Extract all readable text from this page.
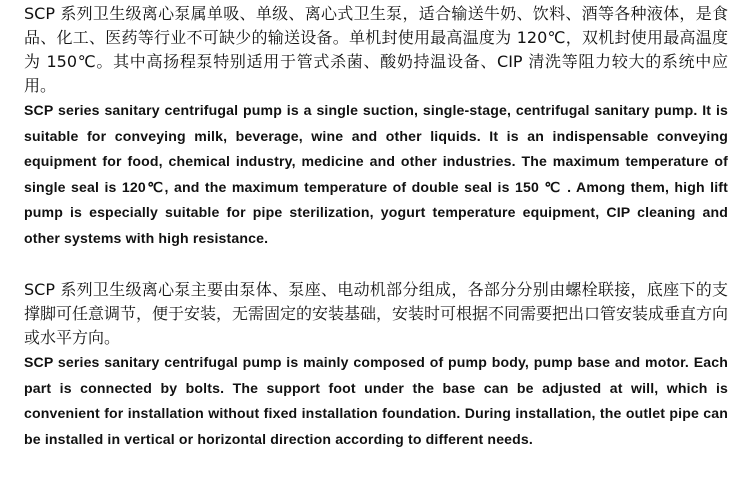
SCP 系列卫生级离心泵属单吸、单级、离心式卫生泵，适合输送牛奶、饮料、酒等各种液体，是食品、化工、医药等行业不可缺少的输送设备。单机封使用最高温度为 120℃，双机封使用最高温度为 150℃。其中高扬程泵特别适用于管式杀菌、酸奶持温设备、CIP 清洗等阻力较大的系统中应用。

SCP series sanitary centrifugal pump is a single suction, single-stage, centrifugal sanitary pump. It is suitable for conveying milk, beverage, wine and other liquids. It is an indispensable conveying equipment for food, chemical industry, medicine and other industries. The maximum temperature of single seal is 120℃, and the maximum temperature of double seal is 150 ℃ . Among them, high lift pump is especially suitable for pipe sterilization, yogurt temperature equipment, CIP cleaning and other systems with high resistance.

SCP 系列卫生级离心泵主要由泵体、泵座、电动机部分组成，各部分分别由螺栓联接，底座下的支撑脚可任意调节，便于安装，无需固定的安装基础，安装时可根据不同需要把出口管安装成垂直方向或水平方向。

SCP series sanitary centrifugal pump is mainly composed of pump body, pump base and motor. Each part is connected by bolts. The support foot under the base can be adjusted at will, which is convenient for installation without fixed installation foundation. During installation, the outlet pipe can be installed in vertical or horizontal direction according to different needs.
